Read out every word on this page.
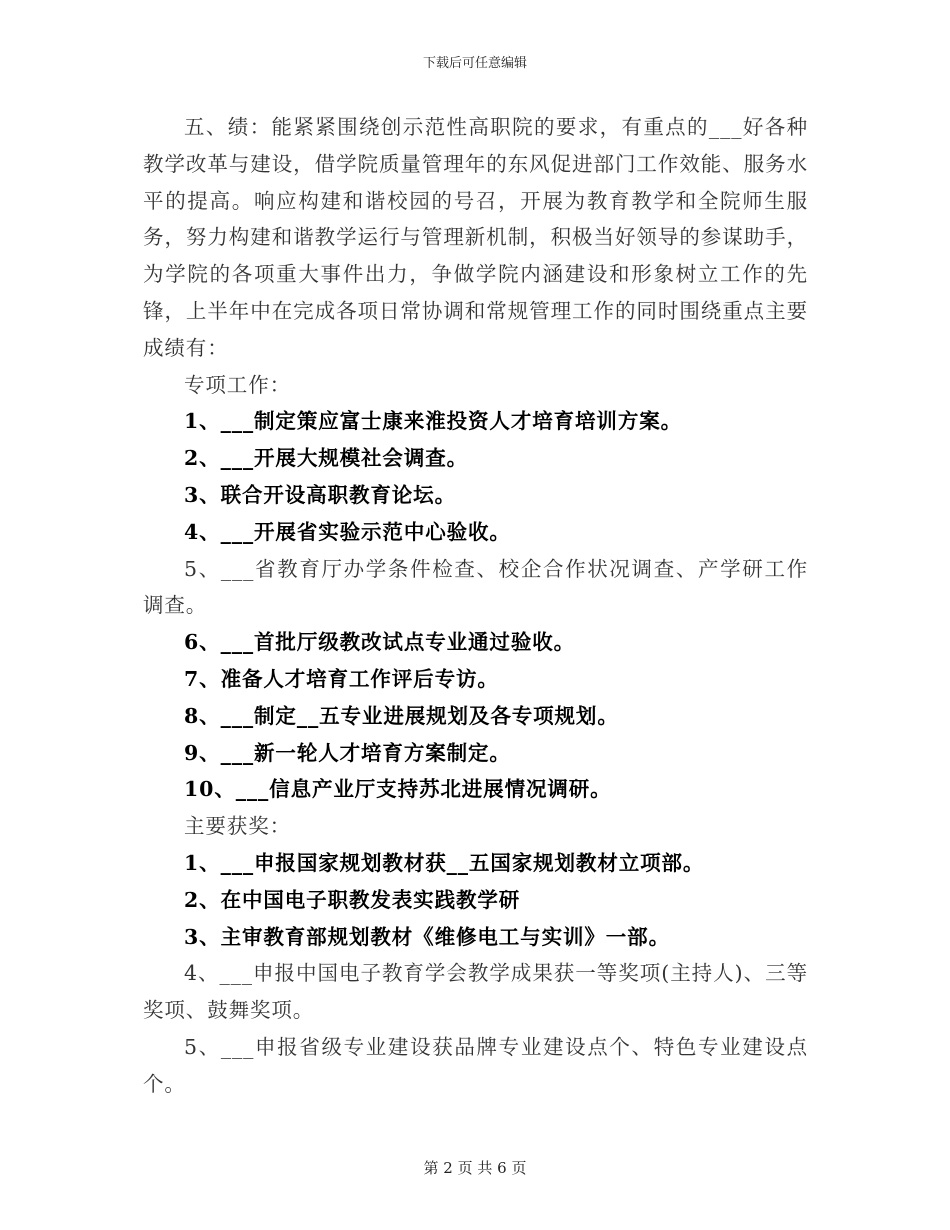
下载后可任意编辑

五、绩：能紧紧围绕创示范性高职院的要求，有重点的___好各种教学改革与建设，借学院质量管理年的东风促进部门工作效能、服务水平的提高。响应构建和谐校园的号召，开展为教育教学和全院师生服务，努力构建和谐教学运行与管理新机制，积极当好领导的参谋助手，为学院的各项重大事件出力，争做学院内涵建设和形象树立工作的先锋，上半年中在完成各项日常协调和常规管理工作的同时围绕重点主要成绩有：

专项工作：

1、___制定策应富士康来淮投资人才培育培训方案。

2、___开展大规模社会调查。

3、联合开设高职教育论坛。

4、___开展省实验示范中心验收。

5、___省教育厅办学条件检查、校企合作状况调查、产学研工作调查。

6、___首批厅级教改试点专业通过验收。

7、准备人才培育工作评后专访。

8、___制定__五专业进展规划及各专项规划。

9、___新一轮人才培育方案制定。

10、___信息产业厅支持苏北进展情况调研。

主要获奖：

1、___申报国家规划教材获__五国家规划教材立项部。

2、在中国电子职教发表实践教学研

3、主审教育部规划教材《维修电工与实训》一部。

4、___申报中国电子教育学会教学成果获一等奖项(主持人)、三等奖项、鼓舞奖项。

5、___申报省级专业建设获品牌专业建设点个、特色专业建设点个。

第 2 页 共 6 页
